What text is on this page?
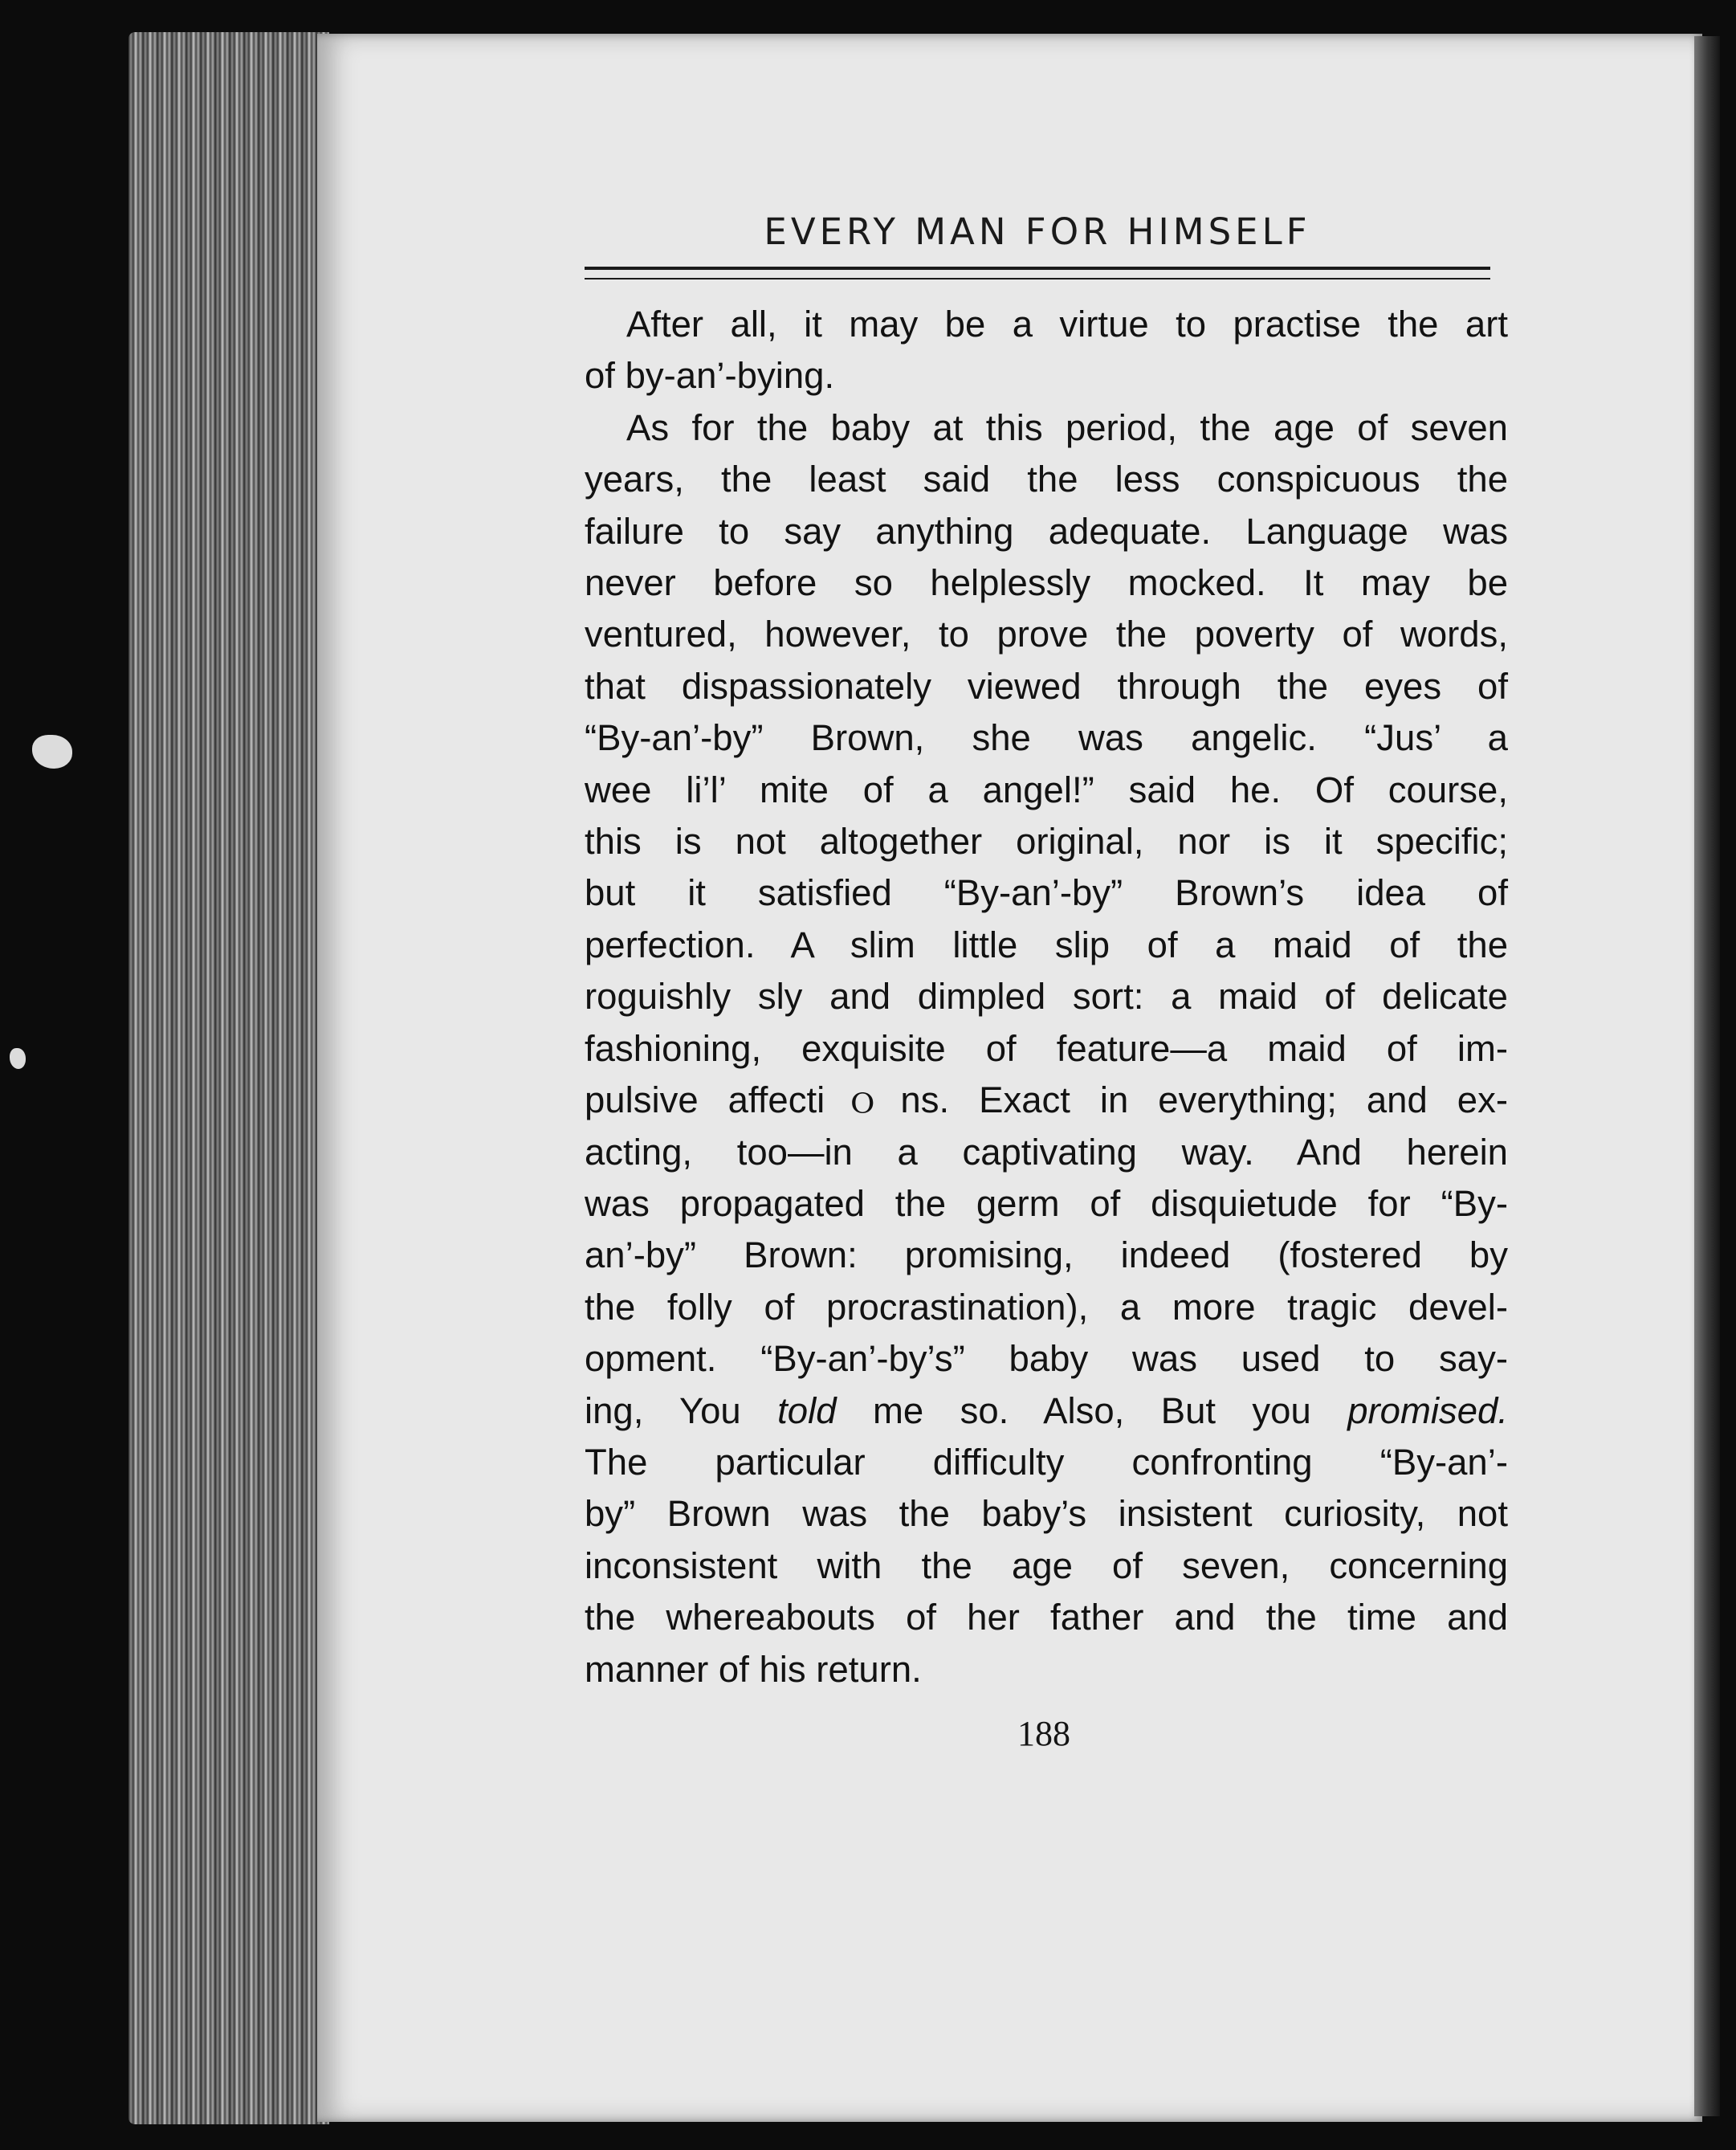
EVERY MAN FOR HIMSELF
After all, it may be a virtue to practise the art
of by-an’-bying.
As for the baby at this period, the age of seven
years, the least said the less conspicuous the
failure to say anything adequate. Language was
never before so helplessly mocked. It may be
ventured, however, to prove the poverty of words,
that dispassionately viewed through the eyes of
“By-an’-by” Brown, she was angelic. “Jus’ a
wee li’l’ mite of a angel!” said he. Of course,
this is not altogether original, nor is it specific;
but it satisfied “By-an’-by” Brown’s idea of
perfection. A slim little slip of a maid of the
roguishly sly and dimpled sort: a maid of delicate
fashioning, exquisite of feature—a maid of im-
pulsive affectiｏns. Exact in everything; and ex-
acting, too—in a captivating way. And herein
was propagated the germ of disquietude for “By-
an’-by” Brown: promising, indeed (fostered by
the folly of procrastination), a more tragic devel-
opment. “By-an’-by’s” baby was used to say-
ing, You told me so. Also, But you promised.
The particular difficulty confronting “By-an’-
by” Brown was the baby’s insistent curiosity, not
inconsistent with the age of seven, concerning
the whereabouts of her father and the time and
manner of his return.
188
